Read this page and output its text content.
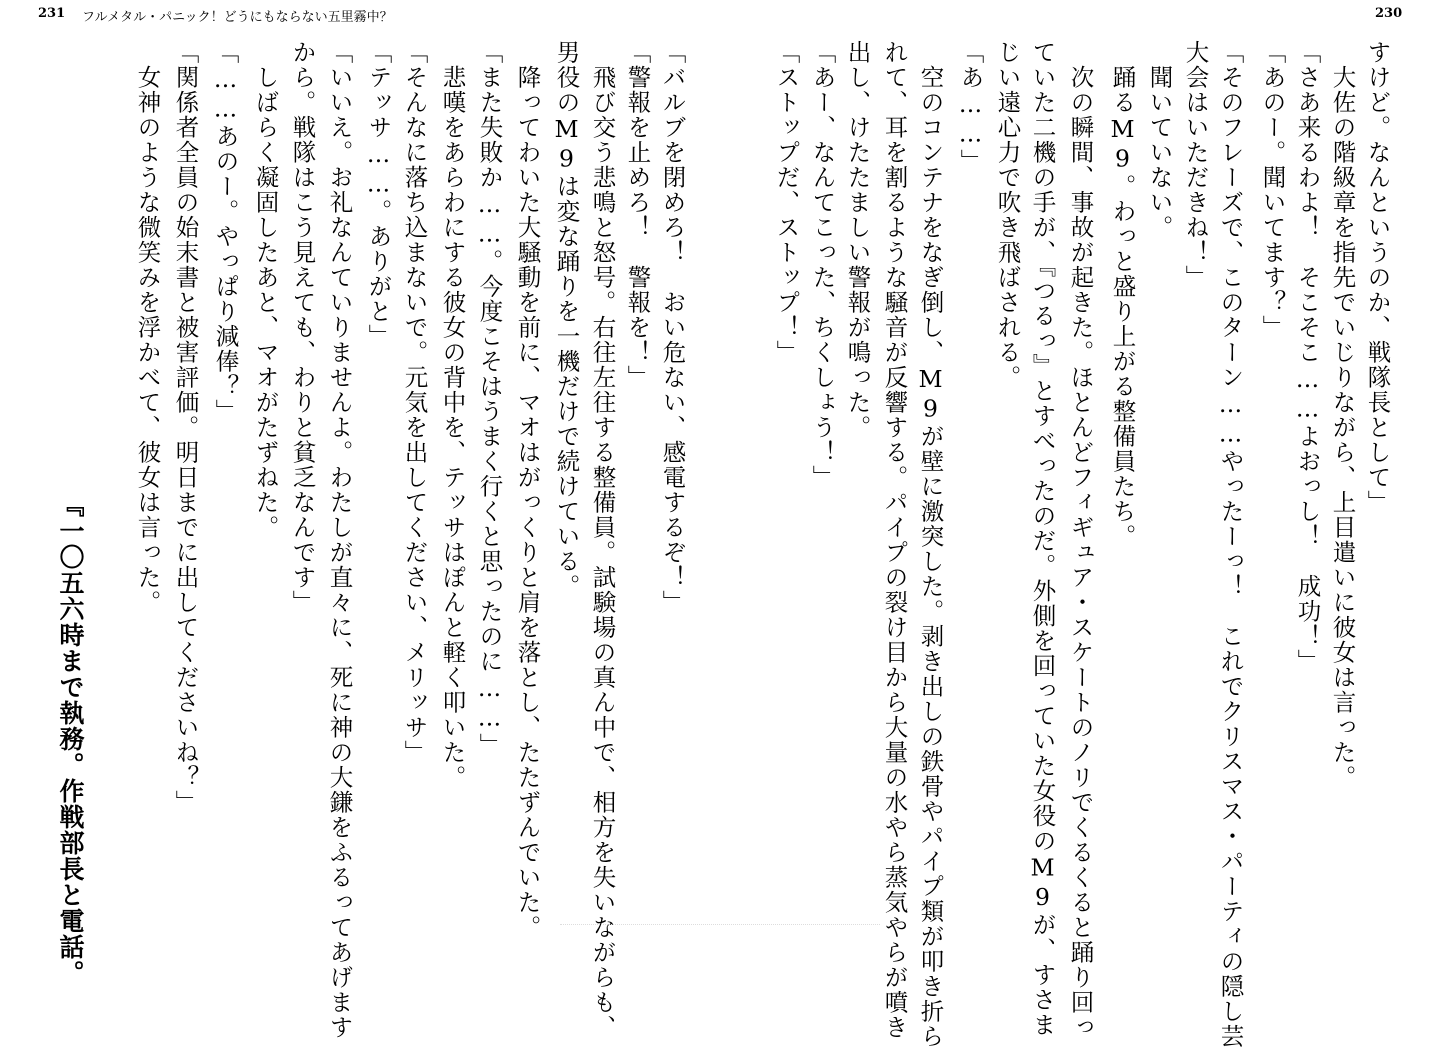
231 フルメタル・パニック！どうにもならない五里霧中？	230
すけど。なんというのか、戦隊長として」
　大佐の階級章を指先でいじりながら、上目遣いに彼女は言った。
「さあ来るわよ！　そこそこ……よおっし！　成功！」
「あのー。聞いてます？」
「そのフレーズで、このターン……やったーっ！　これでクリスマス・パーティの隠し芸
大会はいただきね！」
　聞いていない。
　踊るM9。わっと盛り上がる整備員たち。
　次の瞬間、事故が起きた。ほとんどフィギュア・スケートのノリでくるくると踊り回っ
ていた二機の手が、『つるっ』とすべったのだ。外側を回っていた女役のM9が、すさま
じい遠心力で吹き飛ばされる。
「あ……」
　空のコンテナをなぎ倒し、M9が壁に激突した。剥き出しの鉄骨やパイプ類が叩き折ら
れて、耳を割るような騒音が反響する。パイプの裂け目から大量の水やら蒸気やらが噴き
出し、けたたましい警報が鳴った。
「あー、なんてこった、ちくしょう！」
「ストップだ、ストップ！」
「バルブを閉めろ！　おい危ない、感電するぞ！」
「警報を止めろ！　警報を！」
　飛び交う悲鳴と怒号。右往左往する整備員。試験場の真ん中で、相方を失いながらも、
男役のM9は変な踊りを一機だけで続けている。
　降ってわいた大騒動を前に、マオはがっくりと肩を落とし、たたずんでいた。
「また失敗か……。今度こそはうまく行くと思ったのに……」
　悲嘆をあらわにする彼女の背中を、テッサはぽんと軽く叩いた。
「そんなに落ち込まないで。元気を出してください、メリッサ」
「テッサ……。ありがと」
「いいえ。お礼なんていりませんよ。わたしが直々に、死に神の大鎌をふるってあげます
から。戦隊はこう見えても、わりと貧乏なんです」
　しばらく凝固したあと、マオがたずねた。
「……あのー。やっぱり減俸？」
「関係者全員の始末書と被害評価。明日までに出してくださいね？」
　女神のような微笑みを浮かべて、彼女は言った。
『一〇五六時まで執務。作戦部長と電話。
